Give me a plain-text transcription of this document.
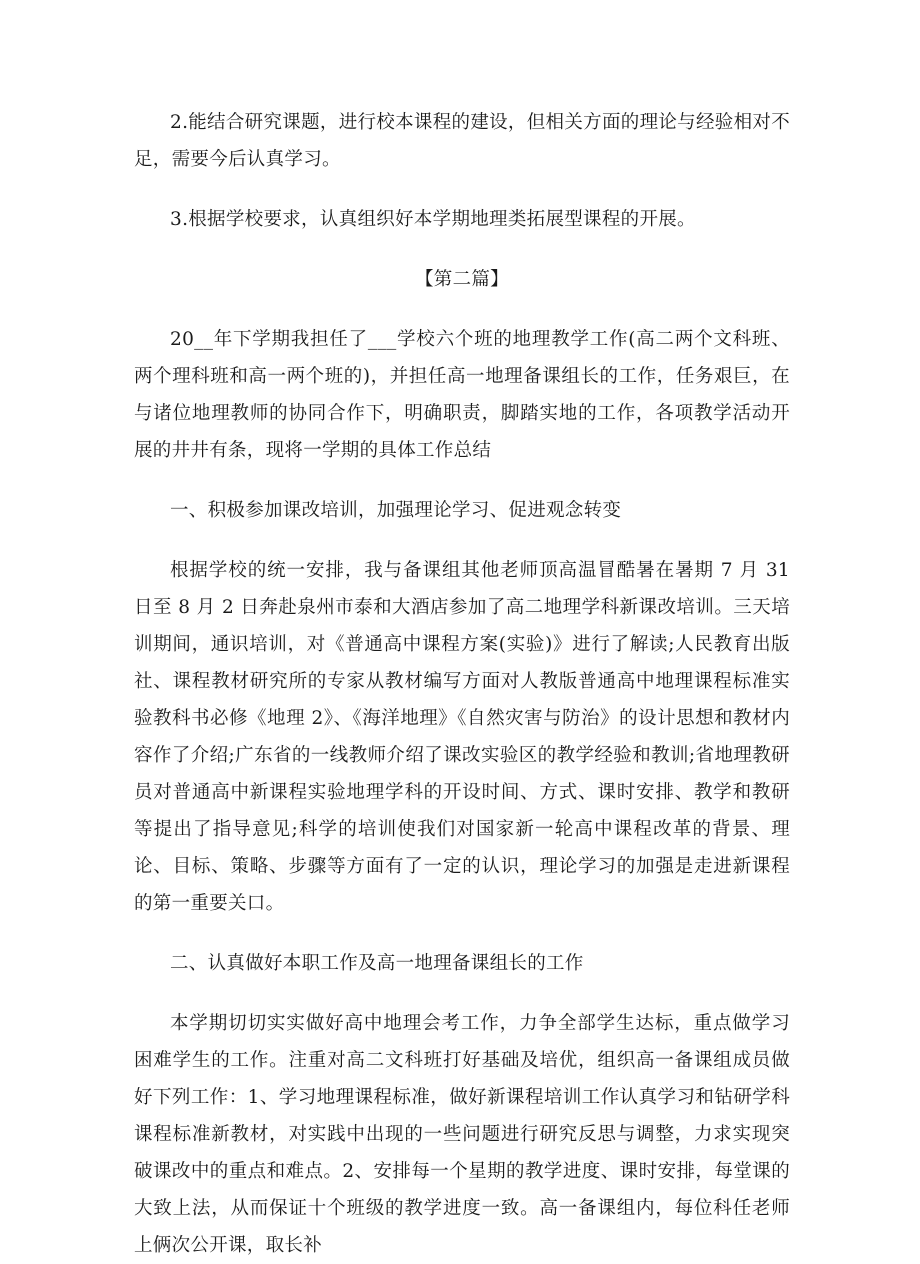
2.能结合研究课题，进行校本课程的建设，但相关方面的理论与经验相对不足，需要今后认真学习。

3.根据学校要求，认真组织好本学期地理类拓展型课程的开展。

【第二篇】

20__年下学期我担任了___学校六个班的地理教学工作(高二两个文科班、两个理科班和高一两个班的)，并担任高一地理备课组长的工作，任务艰巨，在与诸位地理教师的协同合作下，明确职责，脚踏实地的工作，各项教学活动开展的井井有条，现将一学期的具体工作总结

一、积极参加课改培训，加强理论学习、促进观念转变

根据学校的统一安排，我与备课组其他老师顶高温冒酷暑在暑期 7 月 31 日至 8 月 2 日奔赴泉州市泰和大酒店参加了高二地理学科新课改培训。三天培训期间，通识培训，对《普通高中课程方案(实验)》进行了解读;人民教育出版社、课程教材研究所的专家从教材编写方面对人教版普通高中地理课程标准实验教科书必修《地理 2》、《海洋地理》《自然灾害与防治》的设计思想和教材内容作了介绍;广东省的一线教师介绍了课改实验区的教学经验和教训;省地理教研员对普通高中新课程实验地理学科的开设时间、方式、课时安排、教学和教研等提出了指导意见;科学的培训使我们对国家新一轮高中课程改革的背景、理论、目标、策略、步骤等方面有了一定的认识，理论学习的加强是走进新课程的第一重要关口。

二、认真做好本职工作及高一地理备课组长的工作

本学期切切实实做好高中地理会考工作，力争全部学生达标，重点做学习困难学生的工作。注重对高二文科班打好基础及培优，组织高一备课组成员做好下列工作：1、学习地理课程标准，做好新课程培训工作认真学习和钻研学科课程标准新教材，对实践中出现的一些问题进行研究反思与调整，力求实现突破课改中的重点和难点。2、安排每一个星期的教学进度、课时安排，每堂课的大致上法，从而保证十个班级的教学进度一致。高一备课组内，每位科任老师上俩次公开课，取长补
